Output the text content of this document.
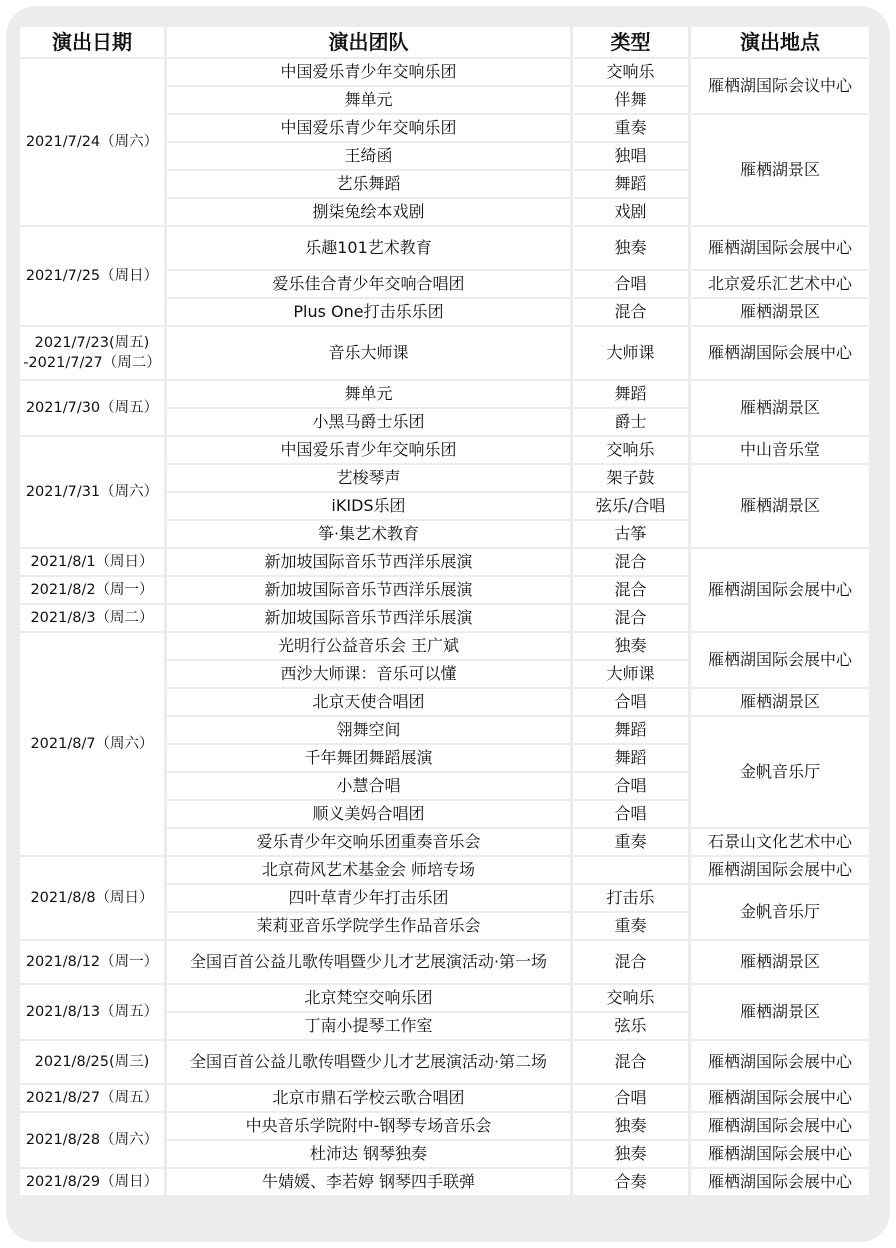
演出日期	演出团队	类型	演出地点

2021/7/24（周六）	中国爱乐青少年交响乐团	交响乐	雁栖湖国际会议中心
	舞单元	伴舞	
	中国爱乐青少年交响乐团	重奏	雁栖湖景区
	王绮函	独唱	
	艺乐舞蹈	舞蹈	
	捌柒兔绘本戏剧	戏剧	

2021/7/25（周日）	乐趣101艺术教育	独奏	雁栖湖国际会展中心
	爱乐佳合青少年交响合唱团	合唱	北京爱乐汇艺术中心
	Plus One打击乐乐团	混合	雁栖湖景区

2021/7/23(周五)
-2021/7/27（周二）	音乐大师课	大师课	雁栖湖国际会展中心

2021/7/30（周五）	舞单元	舞蹈	雁栖湖景区
	小黑马爵士乐团	爵士	

2021/7/31（周六）	中国爱乐青少年交响乐团	交响乐	中山音乐堂
	艺梭琴声	架子鼓	雁栖湖景区
	iKIDS乐团	弦乐/合唱	
	筝·集艺术教育	古筝	

2021/8/1（周日）	新加坡国际音乐节西洋乐展演	混合	雁栖湖国际会展中心

2021/8/2（周一）	新加坡国际音乐节西洋乐展演	混合	

2021/8/3（周二）	新加坡国际音乐节西洋乐展演	混合	

2021/8/7（周六）	光明行公益音乐会 王广斌	独奏	雁栖湖国际会展中心
	西沙大师课：音乐可以懂	大师课	
	北京天使合唱团	合唱	雁栖湖景区
	翎舞空间	舞蹈	金帆音乐厅
	千年舞团舞蹈展演	舞蹈	
	小慧合唱	合唱	
	顺义美妈合唱团	合唱	
	爱乐青少年交响乐团重奏音乐会	重奏	石景山文化艺术中心

2021/8/8（周日）	北京荷风艺术基金会 师培专场		雁栖湖国际会展中心
	四叶草青少年打击乐团	打击乐	金帆音乐厅
	茉莉亚音乐学院学生作品音乐会	重奏	

2021/8/12（周一）	全国百首公益儿歌传唱暨少儿才艺展演活动·第一场	混合	雁栖湖景区

2021/8/13（周五）	北京梵空交响乐团	交响乐	雁栖湖景区
	丁南小提琴工作室	弦乐	

2021/8/25(周三)	全国百首公益儿歌传唱暨少儿才艺展演活动·第二场	混合	雁栖湖国际会展中心

2021/8/27（周五）	北京市鼎石学校云歌合唱团	合唱	雁栖湖国际会展中心

2021/8/28（周六）	中央音乐学院附中-钢琴专场音乐会	独奏	雁栖湖国际会展中心
	杜沛达 钢琴独奏	独奏	雁栖湖国际会展中心

2021/8/29（周日）	牛婧媛、李若婷 钢琴四手联弹	合奏	雁栖湖国际会展中心
